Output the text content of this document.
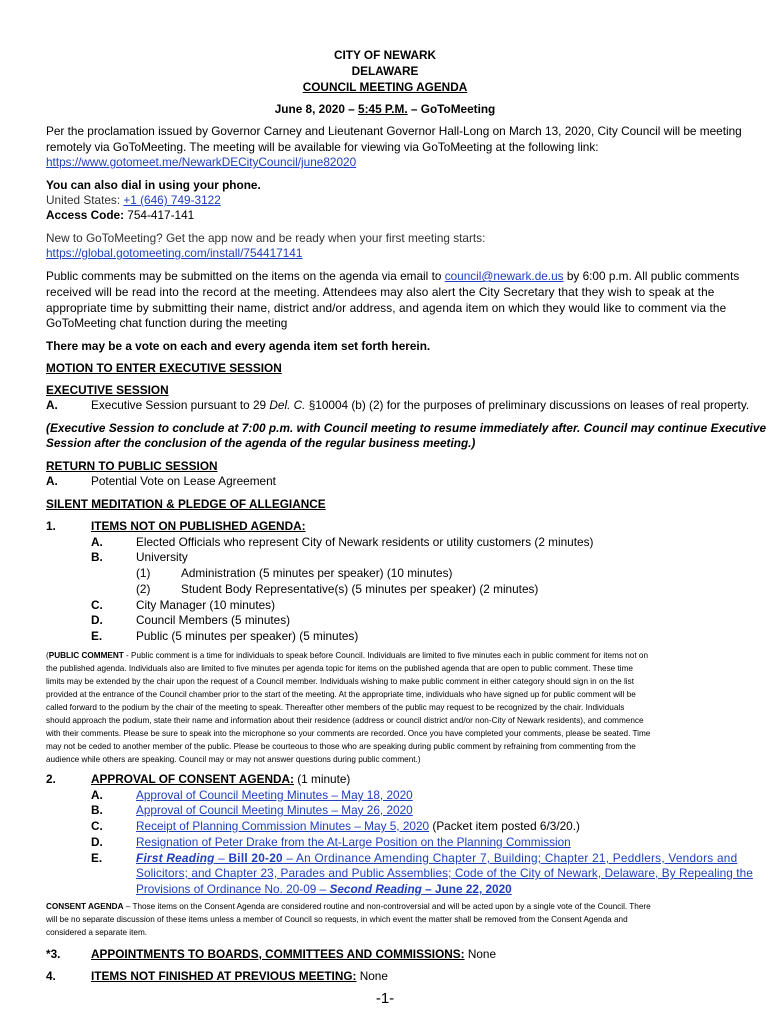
CITY OF NEWARK
DELAWARE
COUNCIL MEETING AGENDA
June 8, 2020 – 5:45 P.M. – GoToMeeting
Per the proclamation issued by Governor Carney and Lieutenant Governor Hall-Long on March 13, 2020, City Council will be meeting
remotely via GoToMeeting. The meeting will be available for viewing via GoToMeeting at the following link:
https://www.gotomeet.me/NewarkDECityCouncil/june82020
You can also dial in using your phone.
United States: +1 (646) 749-3122
Access Code: 754-417-141
New to GoToMeeting? Get the app now and be ready when your first meeting starts:
https://global.gotomeeting.com/install/754417141
Public comments may be submitted on the items on the agenda via email to council@newark.de.us by 6:00 p.m. All public comments
received will be read into the record at the meeting. Attendees may also alert the City Secretary that they wish to speak at the
appropriate time by submitting their name, district and/or address, and agenda item on which they would like to comment via the
GoToMeeting chat function during the meeting
There may be a vote on each and every agenda item set forth herein.
MOTION TO ENTER EXECUTIVE SESSION
EXECUTIVE SESSION
A.	Executive Session pursuant to 29 Del. C. §10004 (b) (2) for the purposes of preliminary discussions on leases of real property.
(Executive Session to conclude at 7:00 p.m. with Council meeting to resume immediately after. Council may continue Executive
Session after the conclusion of the agenda of the regular business meeting.)
RETURN TO PUBLIC SESSION
A.	Potential Vote on Lease Agreement
SILENT MEDITATION & PLEDGE OF ALLEGIANCE
1.	ITEMS NOT ON PUBLISHED AGENDA:
A.	Elected Officials who represent City of Newark residents or utility customers (2 minutes)
B.	University
(1)	Administration (5 minutes per speaker) (10 minutes)
(2)	Student Body Representative(s) (5 minutes per speaker) (2 minutes)
C.	City Manager (10 minutes)
D.	Council Members (5 minutes)
E.	Public (5 minutes per speaker) (5 minutes)
(PUBLIC COMMENT - Public comment is a time for individuals to speak before Council. Individuals are limited to five minutes each in public comment for items not on
the published agenda. Individuals also are limited to five minutes per agenda topic for items on the published agenda that are open to public comment. These time
limits may be extended by the chair upon the request of a Council member. Individuals wishing to make public comment in either category should sign in on the list
provided at the entrance of the Council chamber prior to the start of the meeting. At the appropriate time, individuals who have signed up for public comment will be
called forward to the podium by the chair of the meeting to speak. Thereafter other members of the public may request to be recognized by the chair. Individuals
should approach the podium, state their name and information about their residence (address or council district and/or non-City of Newark residents), and commence
with their comments. Please be sure to speak into the microphone so your comments are recorded. Once you have completed your comments, please be seated. Time
may not be ceded to another member of the public. Please be courteous to those who are speaking during public comment by refraining from commenting from the
audience while others are speaking. Council may or may not answer questions during public comment.)
2.	APPROVAL OF CONSENT AGENDA: (1 minute)
A.	Approval of Council Meeting Minutes – May 18, 2020
B.	Approval of Council Meeting Minutes – May 26, 2020
C.	Receipt of Planning Commission Minutes – May 5, 2020 (Packet item posted 6/3/20.)
D.	Resignation of Peter Drake from the At-Large Position on the Planning Commission
E.	First Reading – Bill 20-20 – An Ordinance Amending Chapter 7, Building; Chapter 21, Peddlers, Vendors and
Solicitors; and Chapter 23, Parades and Public Assemblies; Code of the City of Newark, Delaware, By Repealing the
Provisions of Ordinance No. 20-09 – Second Reading – June 22, 2020
CONSENT AGENDA – Those items on the Consent Agenda are considered routine and non-controversial and will be acted upon by a single vote of the Council. There
will be no separate discussion of these items unless a member of Council so requests, in which event the matter shall be removed from the Consent Agenda and
considered a separate item.
*3.	APPOINTMENTS TO BOARDS, COMMITTEES AND COMMISSIONS: None
4.	ITEMS NOT FINISHED AT PREVIOUS MEETING: None
-1-
